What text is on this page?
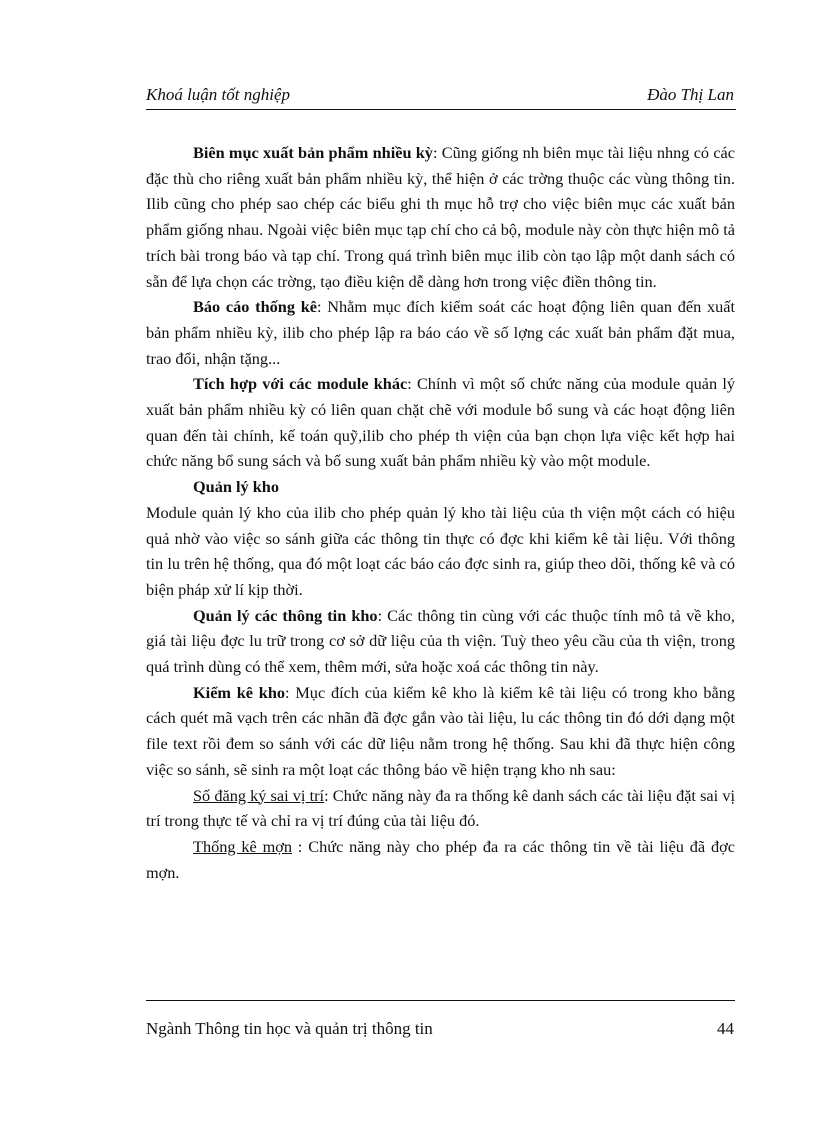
Khoá luận tốt nghiệp	Đào Thị Lan

Biên mục xuất bản phẩm nhiều kỳ: Cũng giống nh biên mục tài liệu nhng có các đặc thù cho riêng xuất bản phẩm nhiều kỳ, thể hiện ở các trờng thuộc các vùng thông tin. Ilib cũng cho phép sao chép các biểu ghi th mục hỗ trợ cho việc biên mục các xuất bản phẩm giống nhau. Ngoài việc biên mục tạp chí cho cả bộ, module này còn thực hiện mô tả trích bài trong báo và tạp chí. Trong quá trình biên mục ilib còn tạo lập một danh sách có sẵn để lựa chọn các trờng, tạo điều kiện dễ dàng hơn trong việc điền thông tin.

Báo cáo thống kê: Nhằm mục đích kiểm soát các hoạt động liên quan đến xuất bản phẩm nhiều kỳ, ilib cho phép lập ra báo cáo về số lợng các xuất bản phẩm đặt mua, trao đổi, nhận tặng...

Tích hợp với các module khác: Chính vì một số chức năng của module quản lý xuất bản phẩm nhiều kỳ có liên quan chặt chẽ với module bổ sung và các hoạt động liên quan đến tài chính, kế toán quỹ,ilib cho phép th viện của bạn chọn lựa việc kết hợp hai chức năng bổ sung sách và bổ sung xuất bản phẩm nhiều kỳ vào một module.

Quản lý kho

Module quản lý kho của ilib cho phép quản lý kho tài liệu của th viện một cách có hiệu quả nhờ vào việc so sánh giữa các thông tin thực có đợc khi kiểm kê tài liệu. Với thông tin lu trên hệ thống, qua đó một loạt các báo cáo đợc sinh ra, giúp theo dõi, thống kê và có biện pháp xử lí kịp thời.

Quản lý các thông tin kho: Các thông tin cùng với các thuộc tính mô tả về kho, giá tài liệu đợc lu trữ trong cơ sở dữ liệu của th viện. Tuỳ theo yêu cầu của th viện, trong quá trình dùng có thể xem, thêm mới, sửa hoặc xoá các thông tin này.

Kiểm kê kho: Mục đích của kiểm kê kho là kiểm kê tài liệu có trong kho bằng cách quét mã vạch trên các nhãn đã đợc gắn vào tài liệu, lu các thông tin đó dới dạng một file text rồi đem so sánh với các dữ liệu nằm trong hệ thống. Sau khi đã thực hiện công việc so sánh, sẽ sinh ra một loạt các thông báo về hiện trạng kho nh sau:

Số đăng ký sai vị trí: Chức năng này đa ra thống kê danh sách các tài liệu đặt sai vị trí trong thực tế và chỉ ra vị trí đúng của tài liệu đó.

Thống kê mợn : Chức năng này cho phép đa ra các thông tin về tài liệu đã đợc mợn.

Ngành Thông tin học và quản trị thông tin	44
